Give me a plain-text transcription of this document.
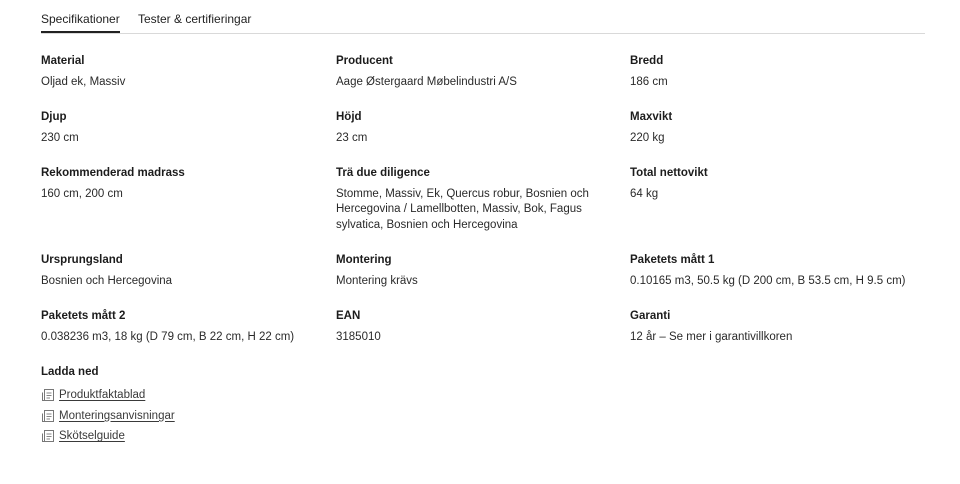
Specifikationer Tester & certifieringar
Material
Oljad ek, Massiv
Producent
Aage Østergaard Møbelindustri A/S
Bredd
186 cm
Djup
230 cm
Höjd
23 cm
Maxvikt
220 kg
Rekommenderad madrass
160 cm, 200 cm
Trä due diligence
Stomme, Massiv, Ek, Quercus robur, Bosnien och Hercegovina / Lamellbotten, Massiv, Bok, Fagus sylvatica, Bosnien och Hercegovina
Total nettovikt
64 kg
Ursprungsland
Bosnien och Hercegovina
Montering
Montering krävs
Paketets mått 1
0.10165 m3, 50.5 kg (D 200 cm, B 53.5 cm, H 9.5 cm)
Paketets mått 2
0.038236 m3, 18 kg (D 79 cm, B 22 cm, H 22 cm)
EAN
3185010
Garanti
12 år – Se mer i garantivillkoren
Ladda ned
Produktfaktablad
Monteringsanvisningar
Skötselguide
